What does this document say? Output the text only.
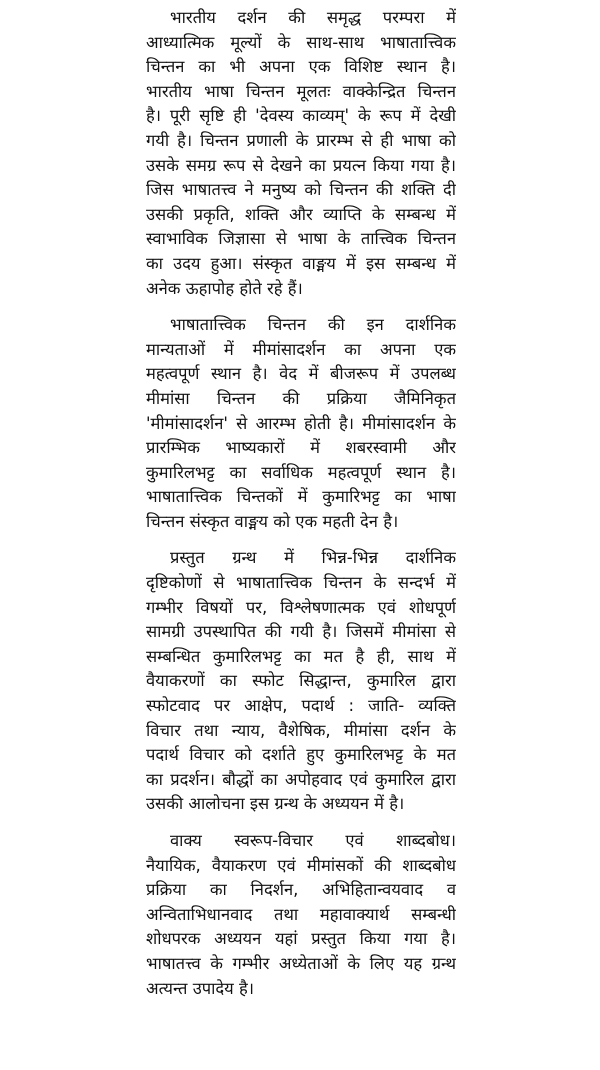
भारतीय दर्शन की समृद्ध परम्परा में
आध्यात्मिक मूल्यों के साथ-साथ भाषातात्त्विक
चिन्तन का भी अपना एक विशिष्ट स्थान है।
भारतीय भाषा चिन्तन मूलतः वाक्केन्द्रित चिन्तन
है। पूरी सृष्टि ही 'देवस्य काव्यम्' के रूप में देखी
गयी है। चिन्तन प्रणाली के प्रारम्भ से ही भाषा को
उसके समग्र रूप से देखने का प्रयत्न किया गया है।
जिस भाषातत्त्व ने मनुष्य को चिन्तन की शक्ति दी
उसकी प्रकृति, शक्ति और व्याप्ति के सम्बन्ध में
स्वाभाविक जिज्ञासा से भाषा के तात्त्विक चिन्तन
का उदय हुआ। संस्कृत वाङ्मय में इस सम्बन्ध में
अनेक ऊहापोह होते रहे हैं।
भाषातात्त्विक चिन्तन की इन दार्शनिक
मान्यताओं में मीमांसादर्शन का अपना एक
महत्वपूर्ण स्थान है। वेद में बीजरूप में उपलब्ध
मीमांसा चिन्तन की प्रक्रिया जैमिनिकृत
'मीमांसादर्शन' से आरम्भ होती है। मीमांसादर्शन के
प्रारम्भिक भाष्यकारों में शबरस्वामी और
कुमारिलभट्ट का सर्वाधिक महत्वपूर्ण स्थान है।
भाषातात्त्विक चिन्तकों में कुमारिभट्ट का भाषा
चिन्तन संस्कृत वाङ्मय को एक महती देन है।
प्रस्तुत ग्रन्थ में भिन्न-भिन्न दार्शनिक
दृष्टिकोणों से भाषातात्त्विक चिन्तन के सन्दर्भ में
गम्भीर विषयों पर, विश्लेषणात्मक एवं शोधपूर्ण
सामग्री उपस्थापित की गयी है। जिसमें मीमांसा से
सम्बन्धित कुमारिलभट्ट का मत है ही, साथ में
वैयाकरणों का स्फोट सिद्धान्त, कुमारिल द्वारा
स्फोटवाद पर आक्षेप, पदार्थ : जाति- व्यक्ति
विचार तथा न्याय, वैशेषिक, मीमांसा दर्शन के
पदार्थ विचार को दर्शाते हुए कुमारिलभट्ट के मत
का प्रदर्शन। बौद्धों का अपोहवाद एवं कुमारिल द्वारा
उसकी आलोचना इस ग्रन्थ के अध्ययन में है।
वाक्य स्वरूप-विचार एवं शाब्दबोध।
नैयायिक, वैयाकरण एवं मीमांसकों की शाब्दबोध
प्रक्रिया का निदर्शन, अभिहितान्वयवाद व
अन्विताभिधानवाद तथा महावाक्यार्थ सम्बन्धी
शोधपरक अध्ययन यहां प्रस्तुत किया गया है।
भाषातत्त्व के गम्भीर अध्येताओं के लिए यह ग्रन्थ
अत्यन्त उपादेय है।
